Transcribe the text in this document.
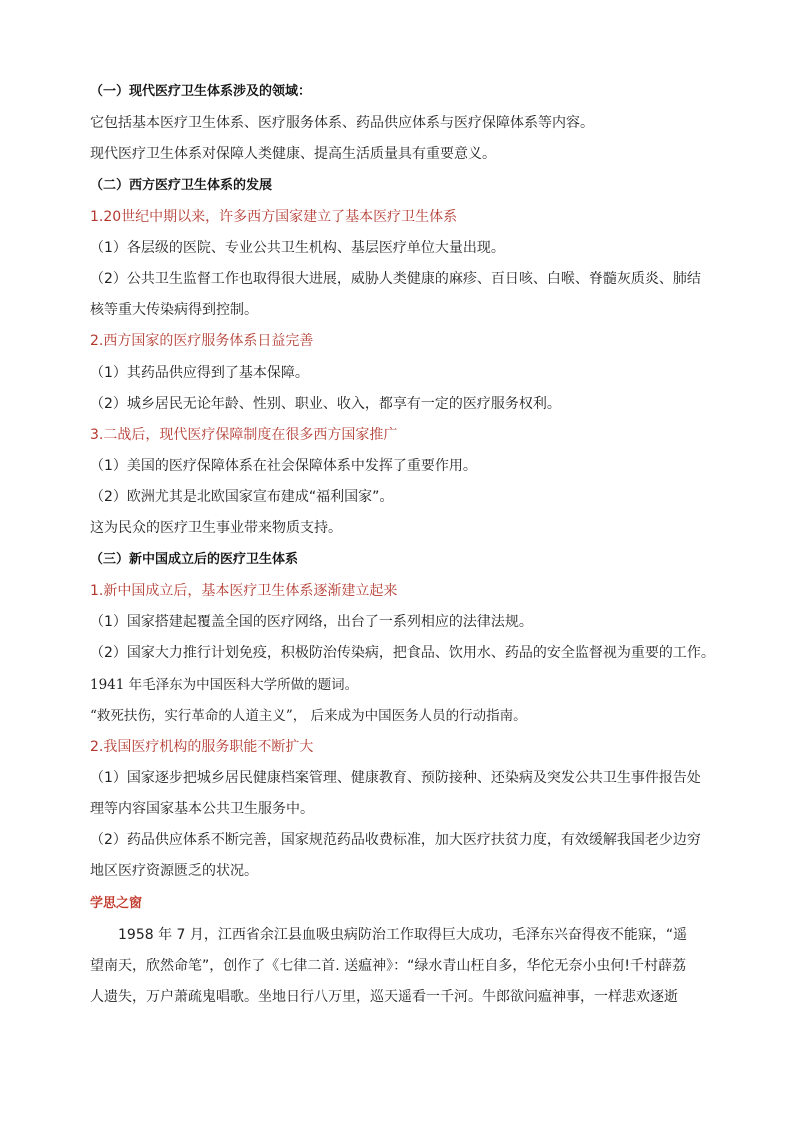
（一）现代医疗卫生体系涉及的领域：
它包括基本医疗卫生体系、医疗服务体系、药品供应体系与医疗保障体系等内容。
现代医疗卫生体系对保障人类健康、提高生活质量具有重要意义。
（二）西方医疗卫生体系的发展
1.20世纪中期以来，许多西方国家建立了基本医疗卫生体系
（1）各层级的医院、专业公共卫生机构、基层医疗单位大量出现。
（2）公共卫生监督工作也取得很大进展，威胁人类健康的麻疹、百日咳、白喉、脊髓灰质炎、肺结
核等重大传染病得到控制。
2.西方国家的医疗服务体系日益完善
（1）其药品供应得到了基本保障。
（2）城乡居民无论年龄、性别、职业、收入，都享有一定的医疗服务权利。
3.二战后，现代医疗保障制度在很多西方国家推广
（1）美国的医疗保障体系在社会保障体系中发挥了重要作用。
（2）欧洲尤其是北欧国家宣布建成“福利国家”。
这为民众的医疗卫生事业带来物质支持。
（三）新中国成立后的医疗卫生体系
1.新中国成立后，基本医疗卫生体系逐渐建立起来
（1）国家搭建起覆盖全国的医疗网络，出台了一系列相应的法律法规。
（2）国家大力推行计划免疫，积极防治传染病，把食品、饮用水、药品的安全监督视为重要的工作。
1941 年毛泽东为中国医科大学所做的题词。
“救死扶伤，实行革命的人道主义”， 后来成为中国医务人员的行动指南。
2.我国医疗机构的服务职能不断扩大
（1）国家逐步把城乡居民健康档案管理、健康教育、预防接种、还染病及突发公共卫生事件报告处
理等内容国家基本公共卫生服务中。
（2）药品供应体系不断完善，国家规范药品收费标准，加大医疗扶贫力度，有效缓解我国老少边穷
地区医疗资源匮乏的状况。
学思之窗
1958 年 7 月，江西省余江县血吸虫病防治工作取得巨大成功，毛泽东兴奋得夜不能寐，“遥
望南天，欣然命笔”，创作了《七律二首. 送瘟神》：“绿水青山枉自多，华佗无奈小虫何!千村薜荔
人遗失，万户萧疏鬼唱歌。坐地日行八万里，巡天遥看一千河。牛郎欲问瘟神事，一样悲欢逐逝
